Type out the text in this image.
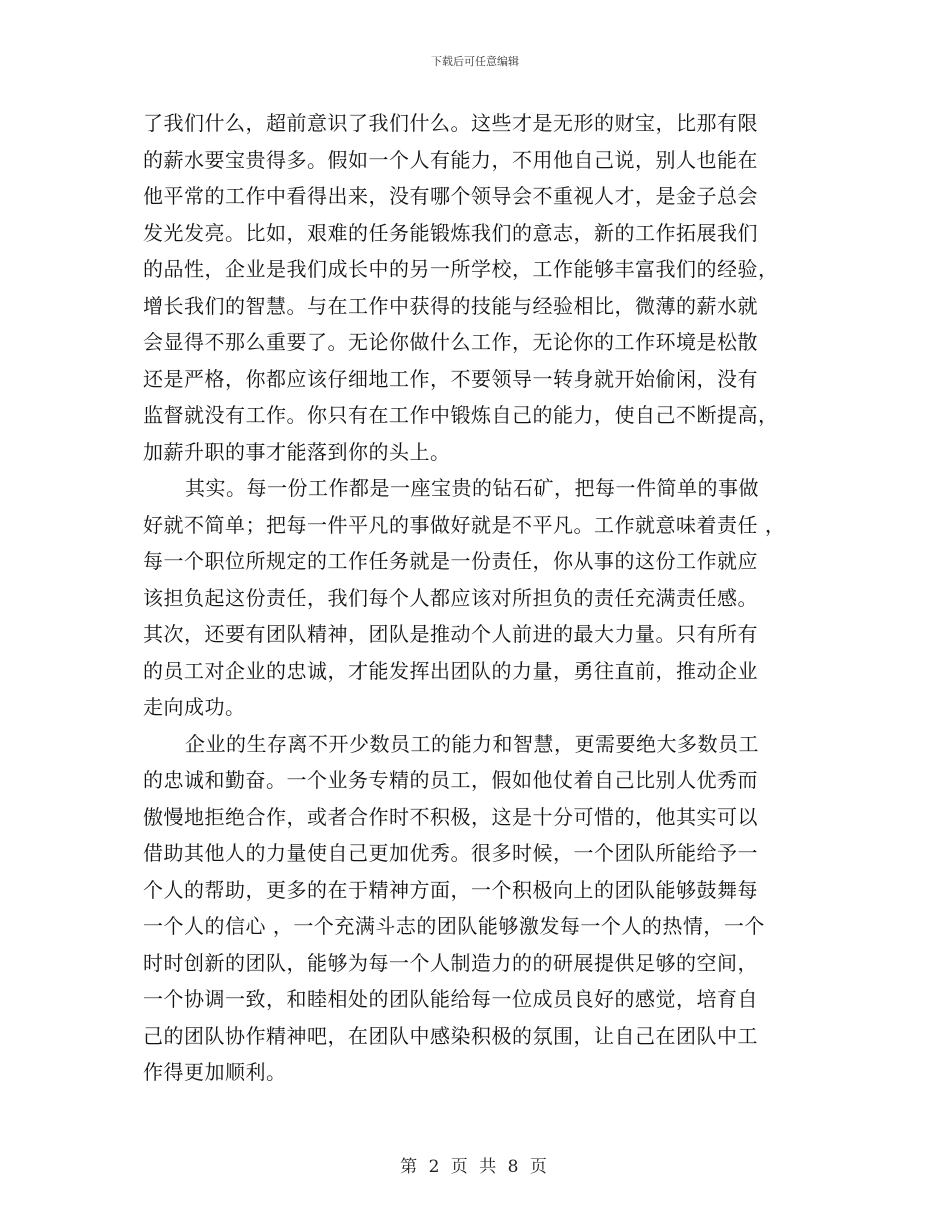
下载后可任意编辑
了我们什么，超前意识了我们什么。这些才是无形的财宝，比那有限
的薪水要宝贵得多。假如一个人有能力，不用他自己说，别人也能在
他平常的工作中看得出来，没有哪个领导会不重视人才，是金子总会
发光发亮。比如，艰难的任务能锻炼我们的意志，新的工作拓展我们
的品性，企业是我们成长中的另一所学校，工作能够丰富我们的经验，
增长我们的智慧。与在工作中获得的技能与经验相比，微薄的薪水就
会显得不那么重要了。无论你做什么工作，无论你的工作环境是松散
还是严格，你都应该仔细地工作，不要领导一转身就开始偷闲，没有
监督就没有工作。你只有在工作中锻炼自己的能力，使自己不断提高，
加薪升职的事才能落到你的头上。
其实。每一份工作都是一座宝贵的钻石矿，把每一件简单的事做
好就不简单；把每一件平凡的事做好就是不平凡。工作就意味着责任 ，
每一个职位所规定的工作任务就是一份责任，你从事的这份工作就应
该担负起这份责任，我们每个人都应该对所担负的责任充满责任感。
其次，还要有团队精神，团队是推动个人前进的最大力量。只有所有
的员工对企业的忠诚，才能发挥出团队的力量，勇往直前，推动企业
走向成功。
企业的生存离不开少数员工的能力和智慧，更需要绝大多数员工
的忠诚和勤奋。一个业务专精的员工，假如他仗着自己比别人优秀而
傲慢地拒绝合作，或者合作时不积极，这是十分可惜的，他其实可以
借助其他人的力量使自己更加优秀。很多时候，一个团队所能给予一
个人的帮助，更多的在于精神方面，一个积极向上的团队能够鼓舞每
一个人的信心 ，一个充满斗志的团队能够激发每一个人的热情，一个
时时创新的团队，能够为每一个人制造力的的研展提供足够的空间，
一个协调一致，和睦相处的团队能给每一位成员良好的感觉，培育自
己的团队协作精神吧，在团队中感染积极的氛围，让自己在团队中工
作得更加顺利。
第 2 页 共 8 页
